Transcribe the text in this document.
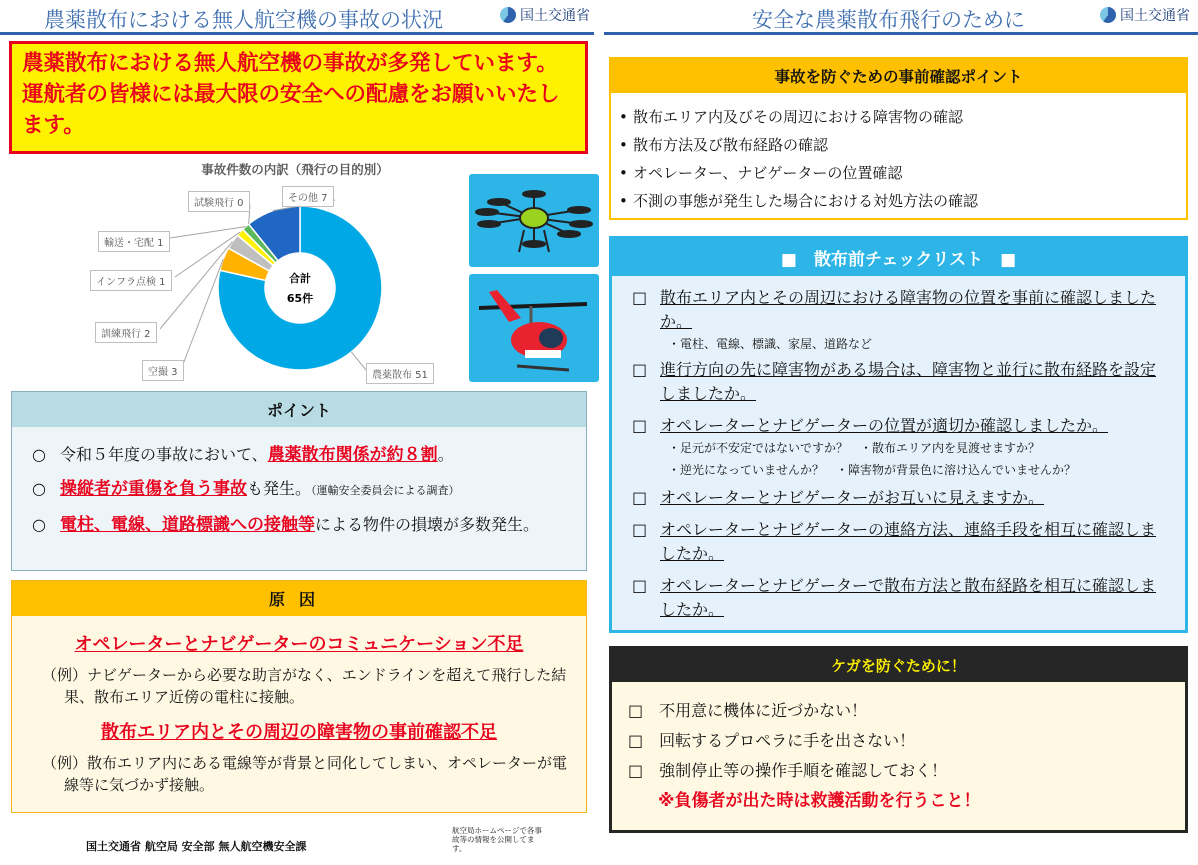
農薬散布における無人航空機の事故の状況	国土交通省	安全な農薬散布飛行のために	国土交通省
農薬散布における無人航空機の事故が多発しています。運航者の皆様には最大限の安全への配慮をお願いいたします。
事故件数の内訳（飛行の目的別）
合計
65件
農薬散布 51
空撮 3
訓練飛行 2
インフラ点検 1
輸送・宅配 1
試験飛行 0	その他 7
ポイント
○ 令和５年度の事故において、農薬散布関係が約８割。
○ 操縦者が重傷を負う事故も発生。（運輸安全委員会による調査）
○ 電柱、電線、道路標識への接触等による物件の損壊が多数発生。
原因
オペレーターとナビゲーターのコミュニケーション不足
（例）ナビゲーターから必要な助言がなく、エンドラインを超えて飛行した結果、散布エリア近傍の電柱に接触。
散布エリア内とその周辺の障害物の事前確認不足
（例）散布エリア内にある電線等が背景と同化してしまい、オペレーターが電線等に気づかず接触。
国土交通省 航空局 安全部 無人航空機安全課
航空局ホームページで各事故等の情報を公開してます。
事故を防ぐための事前確認ポイント
• 散布エリア内及びその周辺における障害物の確認
• 散布方法及び散布経路の確認
• オペレーター、ナビゲーターの位置確認
• 不測の事態が発生した場合における対処方法の確認
■　散布前チェックリスト　■
□ 散布エリア内とその周辺における障害物の位置を事前に確認しましたか。
・電柱、電線、標識、家屋、道路など
□ 進行方向の先に障害物がある場合は、障害物と並行に散布経路を設定しましたか。
□ オペレーターとナビゲーターの位置が適切か確認しましたか。
・足元が不安定ではないですか？　・散布エリア内を見渡せますか？
・逆光になっていませんか？　・障害物が背景色に溶け込んでいませんか？
□ オペレーターとナビゲーターがお互いに見えますか。
□ オペレーターとナビゲーターの連絡方法、連絡手段を相互に確認しましたか。
□ オペレーターとナビゲーターで散布方法と散布経路を相互に確認しましたか。
ケガを防ぐために！
□　不用意に機体に近づかない！
□　回転するプロペラに手を出さない！
□　強制停止等の操作手順を確認しておく！
※負傷者が出た時は救護活動を行うこと！
